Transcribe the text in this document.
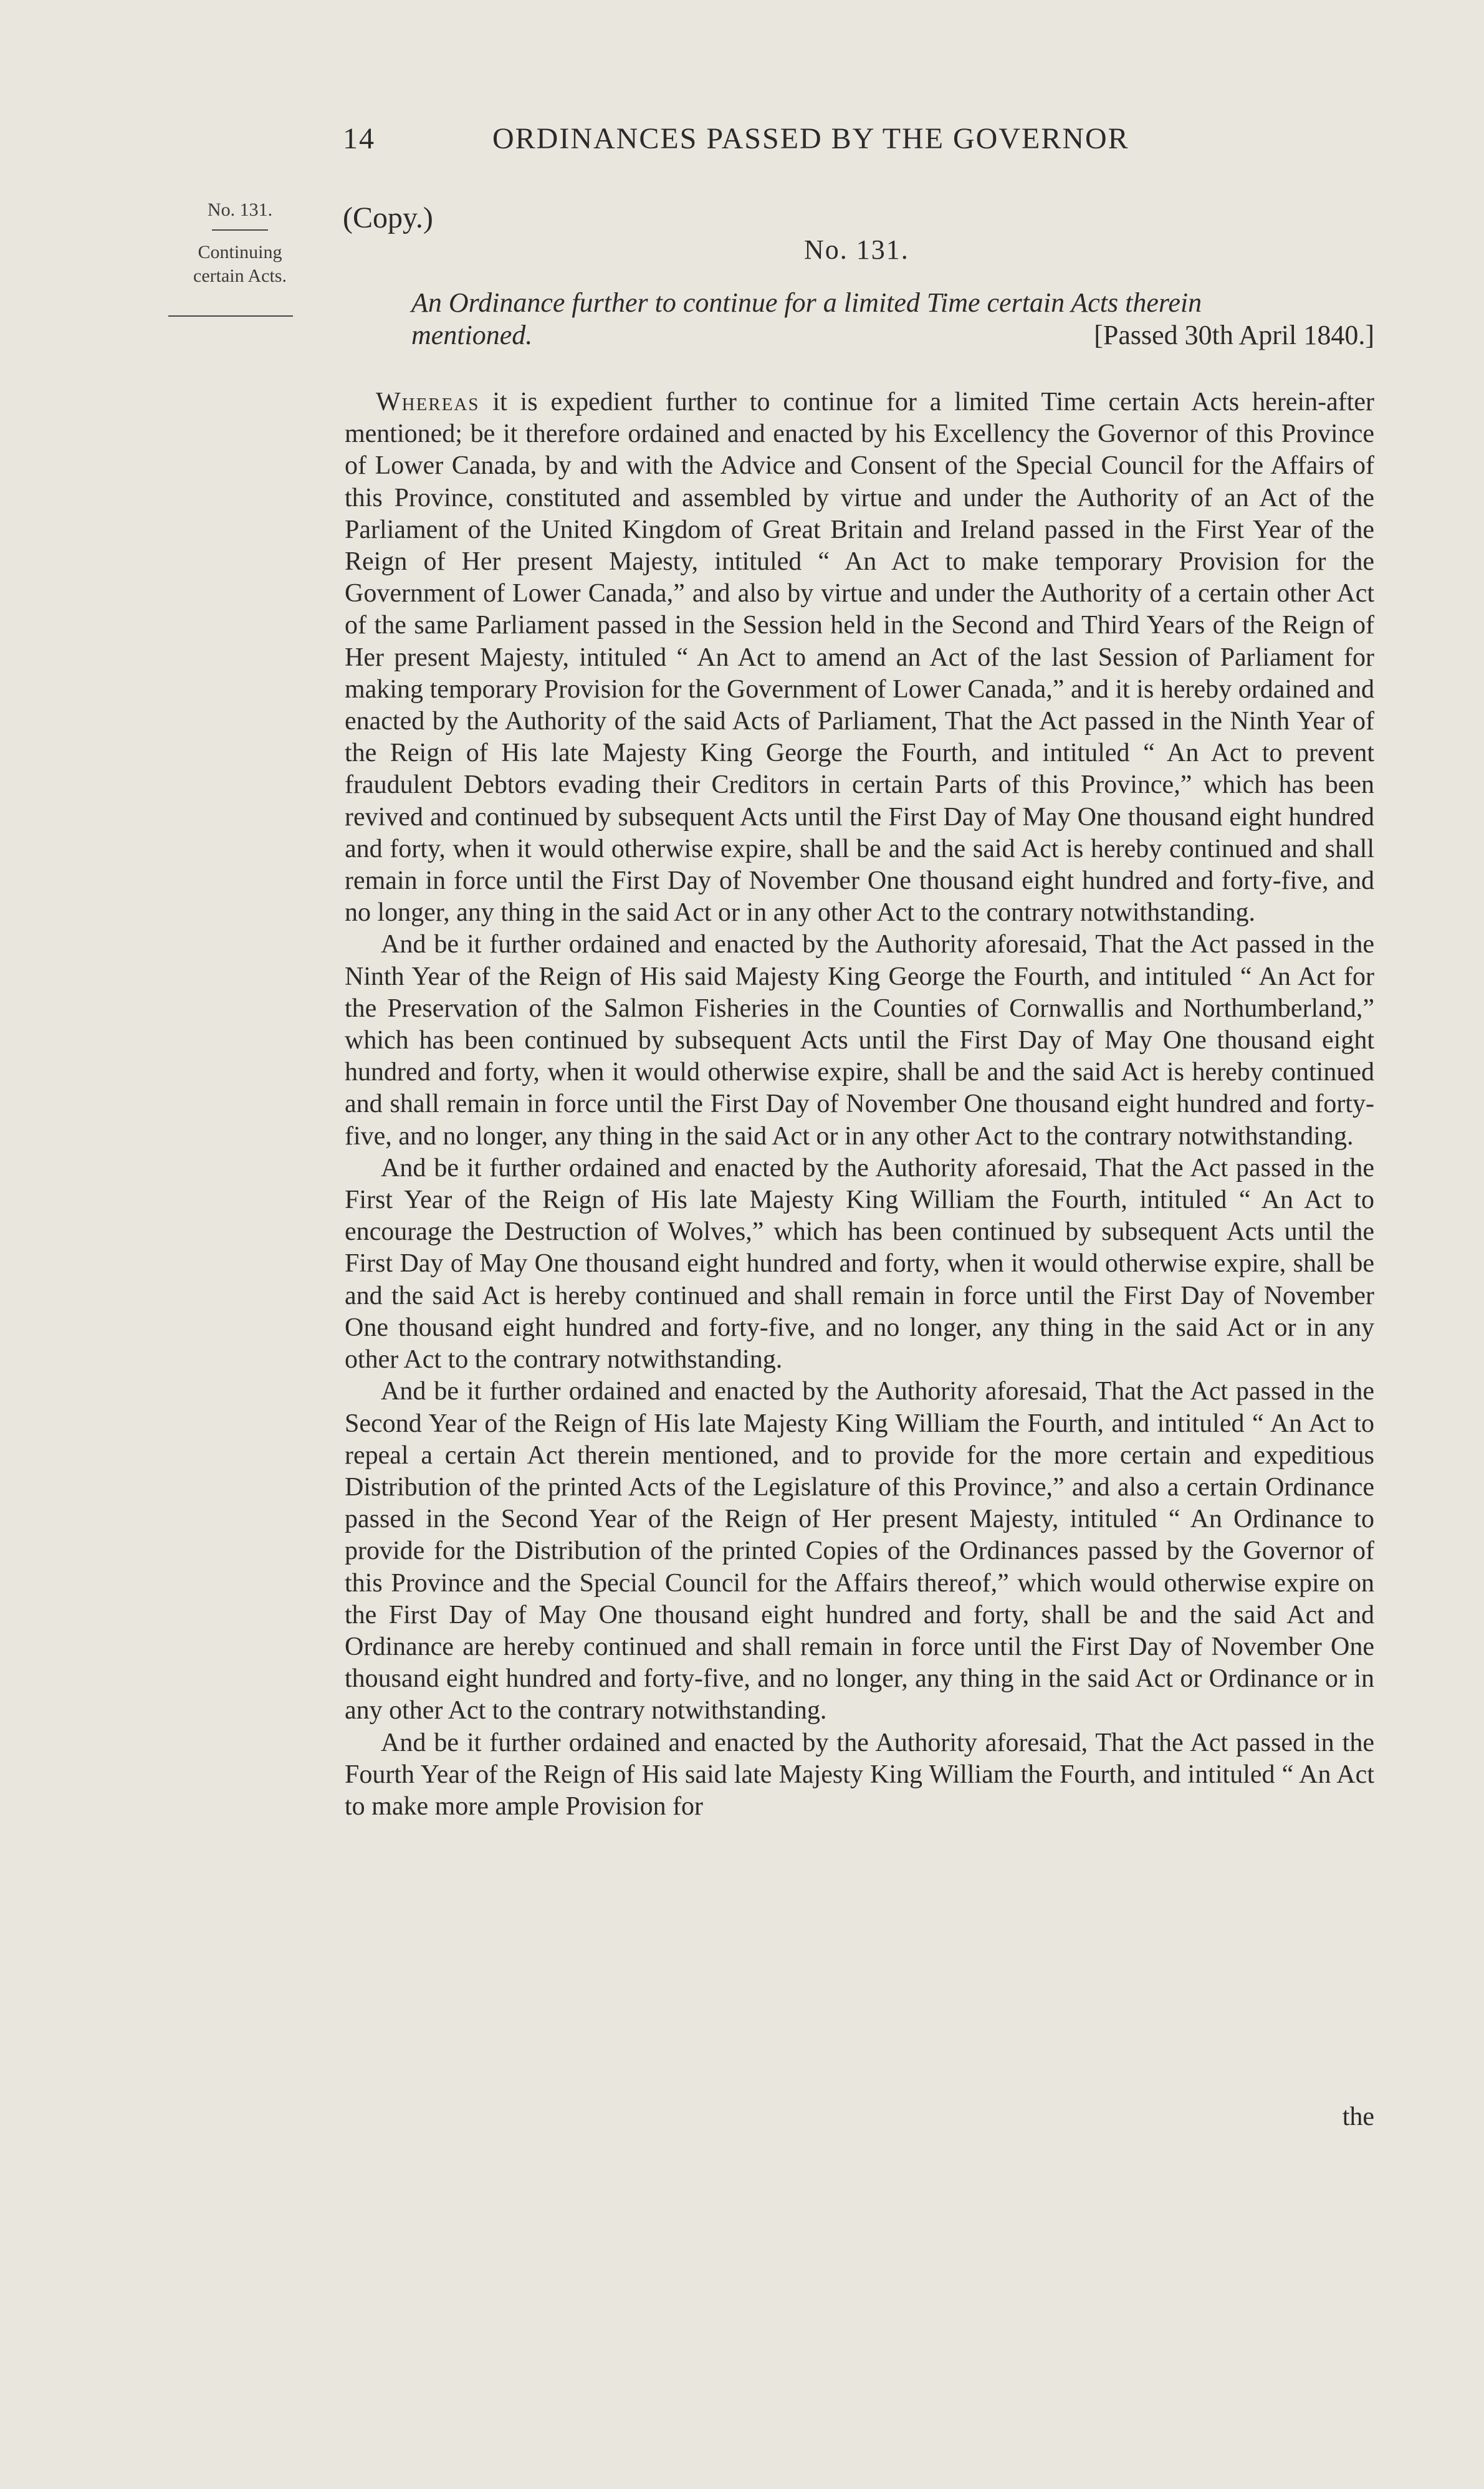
14	ORDINANCES PASSED BY THE GOVERNOR
No. 131.
Continuing
certain Acts.
(Copy.)
No. 131.
An Ordinance further to continue for a limited Time certain Acts therein
mentioned.	[Passed 30th April 1840.]

Whereas it is expedient further to continue for a limited Time certain Acts herein-after mentioned; be it therefore ordained and enacted by his Excellency the Governor of this Province of Lower Canada, by and with the Advice and Consent of the Special Council for the Affairs of this Province, constituted and assembled by virtue and under the Authority of an Act of the Parliament of the United Kingdom of Great Britain and Ireland passed in the First Year of the Reign of Her present Majesty, intituled “ An Act to make temporary Provision for the Government of Lower Canada,” and also by virtue and under the Authority of a certain other Act of the same Parliament passed in the Session held in the Second and Third Years of the Reign of Her present Majesty, intituled “ An Act to amend an Act of the last Session of Parliament for making temporary Provision for the Government of Lower Canada,” and it is hereby ordained and enacted by the Authority of the said Acts of Parliament, That the Act passed in the Ninth Year of the Reign of His late Majesty King George the Fourth, and intituled “ An Act to prevent fraudulent Debtors evading their Creditors in certain Parts of this Province,” which has been revived and continued by subsequent Acts until the First Day of May One thousand eight hundred and forty, when it would otherwise expire, shall be and the said Act is hereby continued and shall remain in force until the First Day of November One thousand eight hundred and forty-five, and no longer, any thing in the said Act or in any other Act to the contrary notwithstanding.

And be it further ordained and enacted by the Authority aforesaid, That the Act passed in the Ninth Year of the Reign of His said Majesty King George the Fourth, and intituled “ An Act for the Preservation of the Salmon Fisheries in the Counties of Cornwallis and Northumberland,” which has been continued by subsequent Acts until the First Day of May One thousand eight hundred and forty, when it would otherwise expire, shall be and the said Act is hereby continued and shall remain in force until the First Day of November One thousand eight hundred and forty-five, and no longer, any thing in the said Act or in any other Act to the contrary notwithstanding.

And be it further ordained and enacted by the Authority aforesaid, That the Act passed in the First Year of the Reign of His late Majesty King William the Fourth, intituled “ An Act to encourage the Destruction of Wolves,” which has been continued by subsequent Acts until the First Day of May One thousand eight hundred and forty, when it would otherwise expire, shall be and the said Act is hereby continued and shall remain in force until the First Day of November One thousand eight hundred and forty-five, and no longer, any thing in the said Act or in any other Act to the contrary notwithstanding.

And be it further ordained and enacted by the Authority aforesaid, That the Act passed in the Second Year of the Reign of His late Majesty King William the Fourth, and intituled “ An Act to repeal a certain Act therein mentioned, and to provide for the more certain and expeditious Distribution of the printed Acts of the Legislature of this Province,” and also a certain Ordinance passed in the Second Year of the Reign of Her present Majesty, intituled “ An Ordinance to provide for the Distribution of the printed Copies of the Ordinances passed by the Governor of this Province and the Special Council for the Affairs thereof,” which would otherwise expire on the First Day of May One thousand eight hundred and forty, shall be and the said Act and Ordinance are hereby continued and shall remain in force until the First Day of November One thousand eight hundred and forty-five, and no longer, any thing in the said Act or Ordinance or in any other Act to the contrary notwithstanding.

And be it further ordained and enacted by the Authority aforesaid, That the Act passed in the Fourth Year of the Reign of His said late Majesty King William the Fourth, and intituled “ An Act to make more ample Provision for

the
